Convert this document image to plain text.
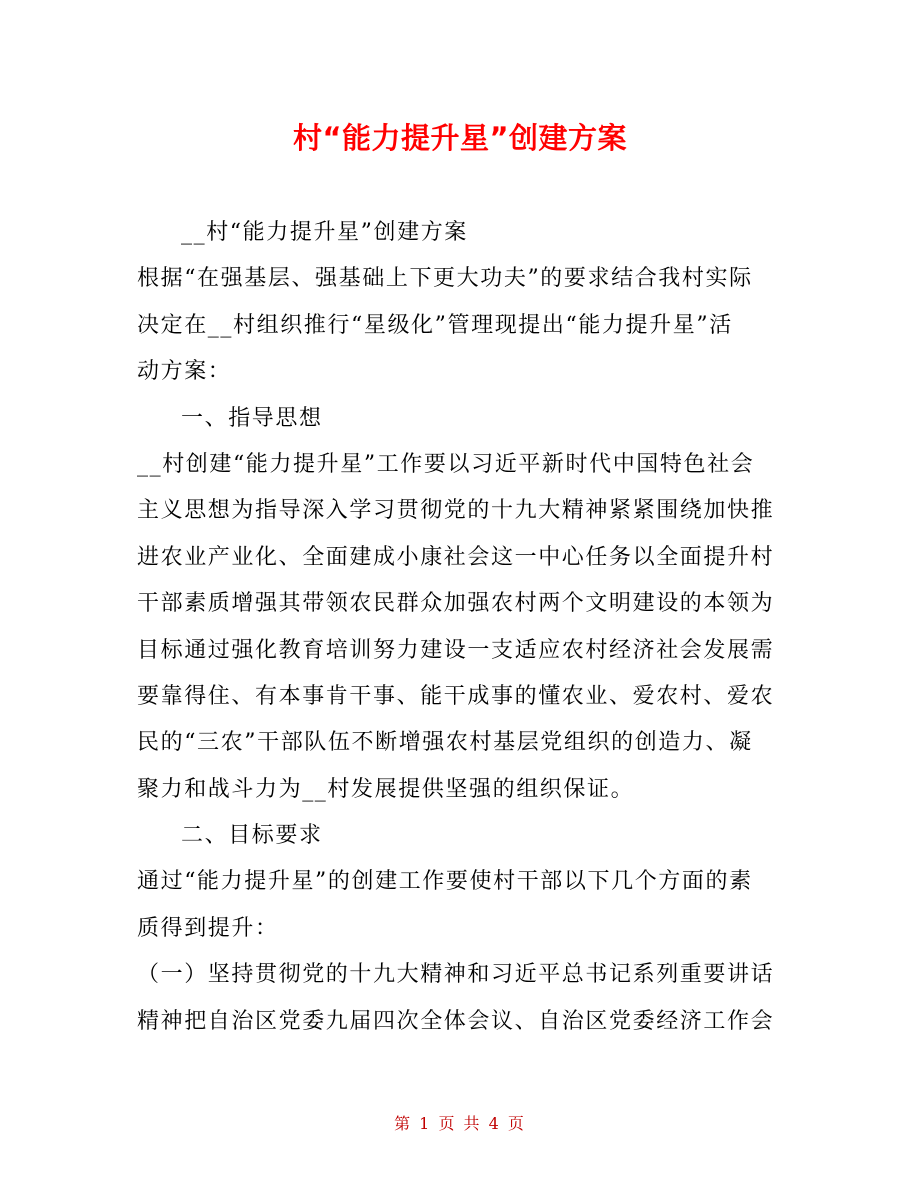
村“能力提升星”创建方案
__村“能力提升星”创建方案
根据“在强基层、强基础上下更大功夫”的要求结合我村实际
决定在__村组织推行“星级化”管理现提出“能力提升星”活
动方案：
一、指导思想
__村创建“能力提升星”工作要以习近平新时代中国特色社会
主义思想为指导深入学习贯彻党的十九大精神紧紧围绕加快推
进农业产业化、全面建成小康社会这一中心任务以全面提升村
干部素质增强其带领农民群众加强农村两个文明建设的本领为
目标通过强化教育培训努力建设一支适应农村经济社会发展需
要靠得住、有本事肯干事、能干成事的懂农业、爱农村、爱农
民的“三农”干部队伍不断增强农村基层党组织的创造力、凝
聚力和战斗力为__村发展提供坚强的组织保证。
二、目标要求
通过“能力提升星”的创建工作要使村干部以下几个方面的素
质得到提升：
（一）坚持贯彻党的十九大精神和习近平总书记系列重要讲话
精神把自治区党委九届四次全体会议、自治区党委经济工作会
第 1 页 共 4 页
